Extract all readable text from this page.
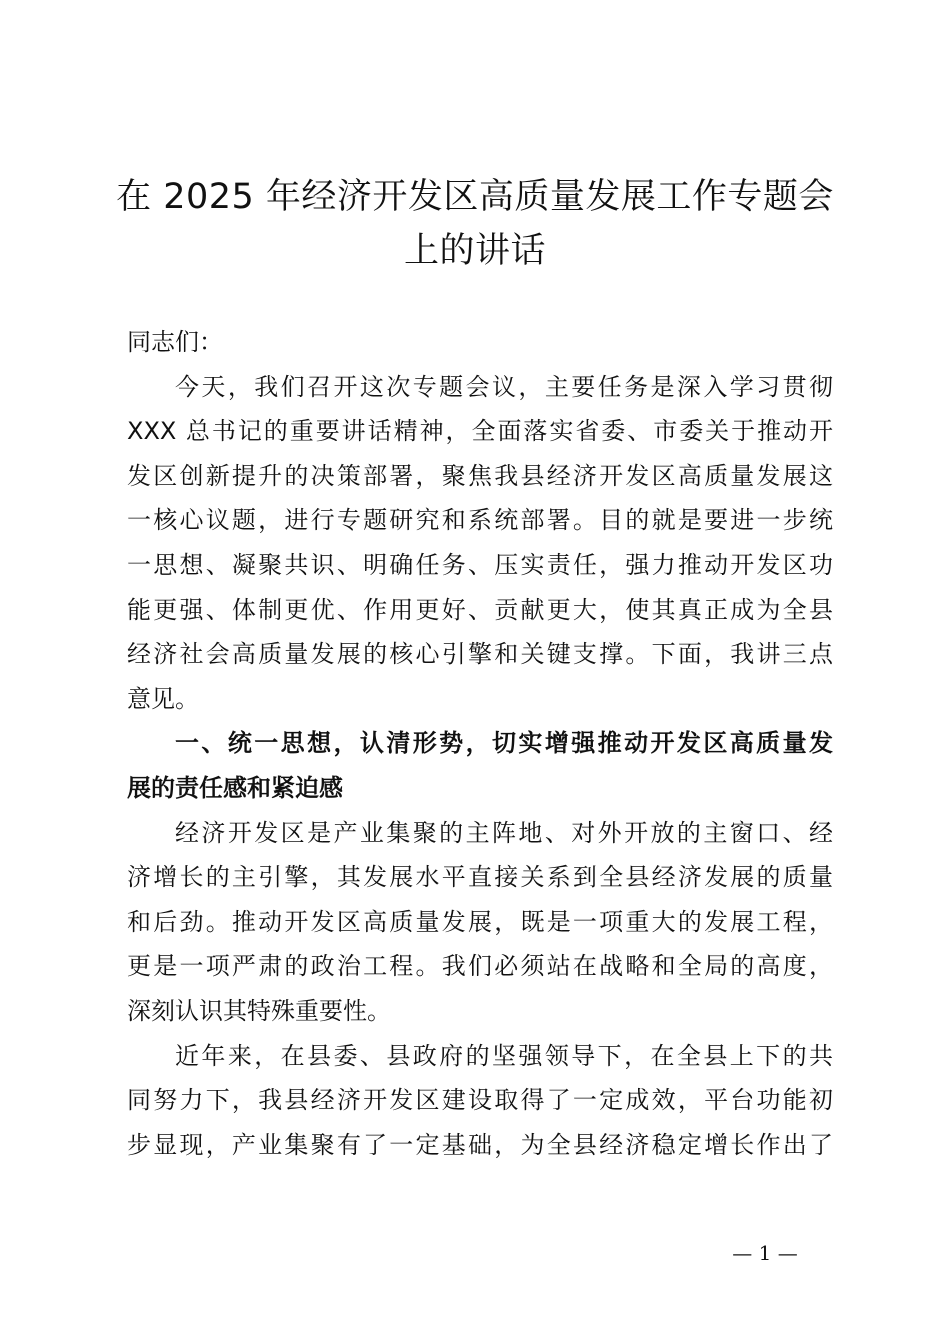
在 2025 年经济开发区高质量发展工作专题会
上的讲话

同志们：

今天，我们召开这次专题会议，主要任务是深入学习贯彻
XXX 总书记的重要讲话精神，全面落实省委、市委关于推动开
发区创新提升的决策部署，聚焦我县经济开发区高质量发展这
一核心议题，进行专题研究和系统部署。目的就是要进一步统
一思想、凝聚共识、明确任务、压实责任，强力推动开发区功
能更强、体制更优、作用更好、贡献更大，使其真正成为全县
经济社会高质量发展的核心引擎和关键支撑。下面，我讲三点
意见。

一、统一思想，认清形势，切实增强推动开发区高质量发
展的责任感和紧迫感

经济开发区是产业集聚的主阵地、对外开放的主窗口、经
济增长的主引擎，其发展水平直接关系到全县经济发展的质量
和后劲。推动开发区高质量发展，既是一项重大的发展工程，
更是一项严肃的政治工程。我们必须站在战略和全局的高度，
深刻认识其特殊重要性。

近年来，在县委、县政府的坚强领导下，在全县上下的共
同努力下，我县经济开发区建设取得了一定成效，平台功能初
步显现，产业集聚有了一定基础，为全县经济稳定增长作出了

— 1 —
